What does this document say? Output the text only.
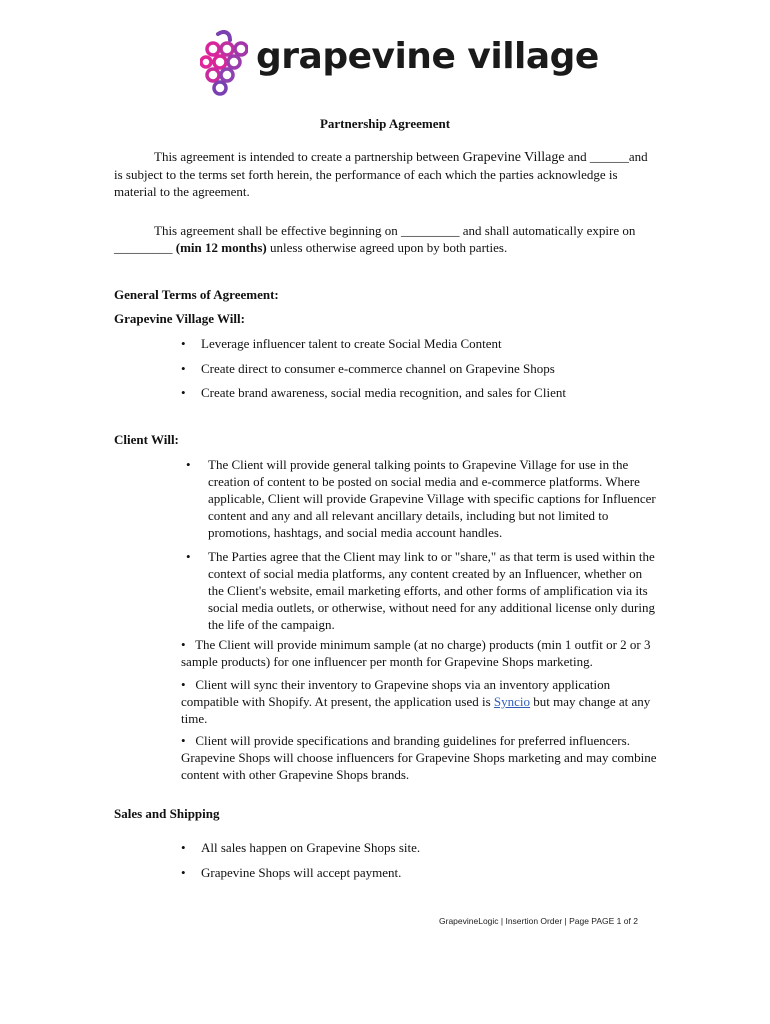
grapevine village
Partnership Agreement

This agreement is intended to create a partnership between Grapevine Village and ______and is subject to the terms set forth herein, the performance of each which the parties acknowledge is material to the agreement.

This agreement shall be effective beginning on _________ and shall automatically expire on _________ (min 12 months) unless otherwise agreed upon by both parties.

General Terms of Agreement:
Grapevine Village Will:
• Leverage influencer talent to create Social Media Content
• Create direct to consumer e-commerce channel on Grapevine Shops
• Create brand awareness, social media recognition, and sales for Client
Client Will:
• The Client will provide general talking points to Grapevine Village for use in the creation of content to be posted on social media and e-commerce platforms. Where applicable, Client will provide Grapevine Village with specific captions for Influencer content and any and all relevant ancillary details, including but not limited to promotions, hashtags, and social media account handles.
• The Parties agree that the Client may link to or "share," as that term is used within the context of social media platforms, any content created by an Influencer, whether on the Client's website, email marketing efforts, and other forms of amplification via its social media outlets, or otherwise, without need for any additional license only during the life of the campaign.

• The Client will provide minimum sample (at no charge) products (min 1 outfit or 2 or 3 sample products) for one influencer per month for Grapevine Shops marketing.

• Client will sync their inventory to Grapevine shops via an inventory application compatible with Shopify. At present, the application used is Syncio but may change at any time.

• Client will provide specifications and branding guidelines for preferred influencers. Grapevine Shops will choose influencers for Grapevine Shops marketing and may combine content with other Grapevine Shops brands.

Sales and Shipping
• All sales happen on Grapevine Shops site.
• Grapevine Shops will accept payment.
GrapevineLogic | Insertion Order | Page PAGE 1 of 2
